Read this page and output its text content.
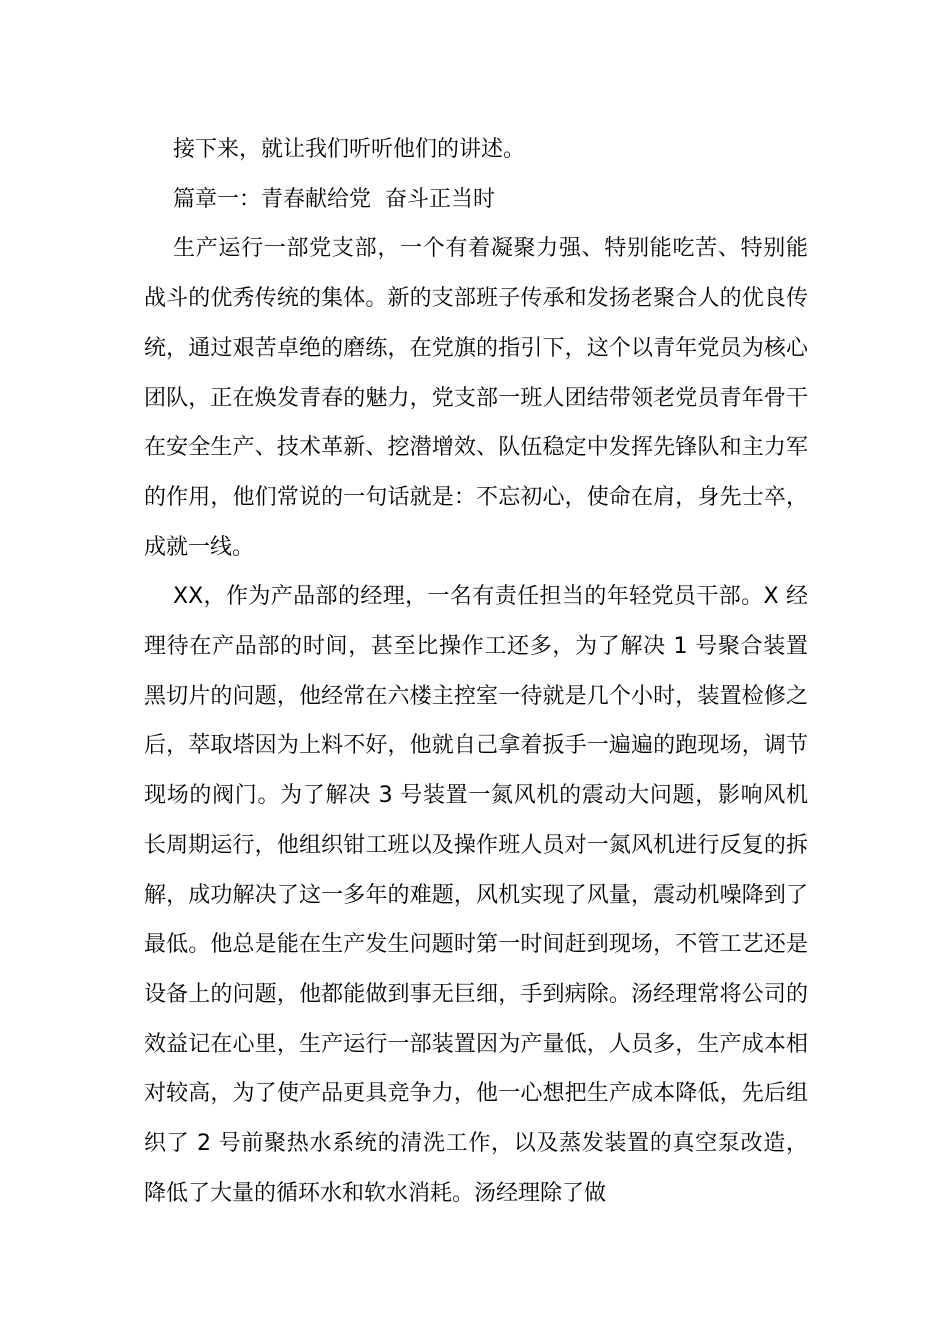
接下来，就让我们听听他们的讲述。

篇章一：青春献给党  奋斗正当时

生产运行一部党支部，一个有着凝聚力强、特别能吃苦、特别能战斗的优秀传统的集体。新的支部班子传承和发扬老聚合人的优良传统，通过艰苦卓绝的磨练，在党旗的指引下，这个以青年党员为核心团队，正在焕发青春的魅力，党支部一班人团结带领老党员青年骨干在安全生产、技术革新、挖潜增效、队伍稳定中发挥先锋队和主力军的作用，他们常说的一句话就是：不忘初心，使命在肩，身先士卒，成就一线。

XX，作为产品部的经理，一名有责任担当的年轻党员干部。X 经理待在产品部的时间，甚至比操作工还多，为了解决 1 号聚合装置黑切片的问题，他经常在六楼主控室一待就是几个小时，装置检修之后，萃取塔因为上料不好，他就自己拿着扳手一遍遍的跑现场，调节现场的阀门。为了解决 3 号装置一氮风机的震动大问题，影响风机长周期运行，他组织钳工班以及操作班人员对一氮风机进行反复的拆解，成功解决了这一多年的难题，风机实现了风量，震动机噪降到了最低。他总是能在生产发生问题时第一时间赶到现场，不管工艺还是设备上的问题，他都能做到事无巨细，手到病除。汤经理常将公司的效益记在心里，生产运行一部装置因为产量低，人员多，生产成本相对较高，为了使产品更具竞争力，他一心想把生产成本降低，先后组织了 2 号前聚热水系统的清洗工作，以及蒸发装置的真空泵改造，降低了大量的循环水和软水消耗。汤经理除了做
